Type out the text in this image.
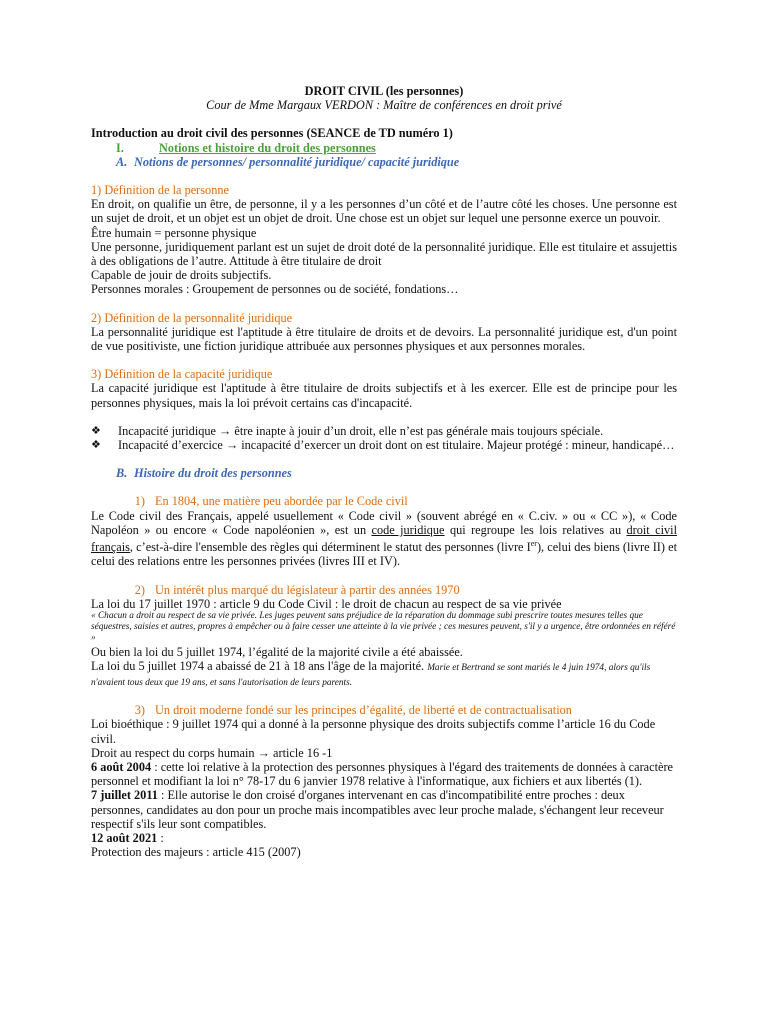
DROIT CIVIL (les personnes)

Cour de Mme Margaux VERDON : Maître de conférences en droit privé

Introduction au droit civil des personnes (SEANCE de TD numéro 1)

I.	Notions et histoire du droit des personnes

A. Notions de personnes/ personnalité juridique/ capacité juridique

1) Définition de la personne

En droit, on qualifie un être, de personne, il y a les personnes d’un côté et de l’autre côté les choses. Une personne est un sujet de droit, et un objet est un objet de droit. Une chose est un objet sur lequel une personne exerce un pouvoir.

Être humain = personne physique

Une personne, juridiquement parlant est un sujet de droit doté de la personnalité juridique. Elle est titulaire et assujettis à des obligations de l’autre. Attitude à être titulaire de droit

Capable de jouir de droits subjectifs.

Personnes morales : Groupement de personnes ou de société, fondations…

2) Définition de la personnalité juridique

La personnalité juridique est l'aptitude à être titulaire de droits et de devoirs. La personnalité juridique est, d'un point de vue positiviste, une fiction juridique attribuée aux personnes physiques et aux personnes morales.

3) Définition de la capacité juridique

La capacité juridique est l'aptitude à être titulaire de droits subjectifs et à les exercer. Elle est de principe pour les personnes physiques, mais la loi prévoit certains cas d'incapacité.

❖	Incapacité juridique → être inapte à jouir d’un droit, elle n’est pas générale mais toujours spéciale.
❖	Incapacité d’exercice → incapacité d’exercer un droit dont on est titulaire. Majeur protégé : mineur, handicapé…

B. Histoire du droit des personnes

1) En 1804, une matière peu abordée par le Code civil

Le Code civil des Français, appelé usuellement « Code civil » (souvent abrégé en « C.civ. » ou « CC »), « Code Napoléon » ou encore « Code napoléonien », est un code juridique qui regroupe les lois relatives au droit civil français, c’est-à-dire l'ensemble des règles qui déterminent le statut des personnes (livre Ier), celui des biens (livre II) et celui des relations entre les personnes privées (livres III et IV).

2) Un intérêt plus marqué du législateur à partir des années 1970

La loi du 17 juillet 1970 : article 9 du Code Civil : le droit de chacun au respect de sa vie privée

« Chacun a droit au respect de sa vie privée. Les juges peuvent sans préjudice de la réparation du dommage subi prescrire toutes mesures telles que séquestres, saisies et autres, propres à empêcher ou à faire cesser une atteinte à la vie privée ; ces mesures peuvent, s'il y a urgence, être ordonnées en référé »

Ou bien la loi du 5 juillet 1974, l’égalité de la majorité civile a été abaissée.

La loi du 5 juillet 1974 a abaissé de 21 à 18 ans l'âge de la majorité. Marie et Bertrand se sont mariés le 4 juin 1974, alors qu'ils n'avaient tous deux que 19 ans, et sans l'autorisation de leurs parents.

3) Un droit moderne fondé sur les principes d’égalité, de liberté et de contractualisation

Loi bioéthique : 9 juillet 1974 qui a donné à la personne physique des droits subjectifs comme l’article 16 du Code civil.

Droit au respect du corps humain → article 16 -1

6 août 2004 : cette loi relative à la protection des personnes physiques à l'égard des traitements de données à caractère personnel et modifiant la loi n° 78-17 du 6 janvier 1978 relative à l'informatique, aux fichiers et aux libertés (1).

7 juillet 2011 : Elle autorise le don croisé d'organes intervenant en cas d'incompatibilité entre proches : deux personnes, candidates au don pour un proche mais incompatibles avec leur proche malade, s'échangent leur receveur respectif s'ils leur sont compatibles.

12 août 2021 :

Protection des majeurs : article 415 (2007)
